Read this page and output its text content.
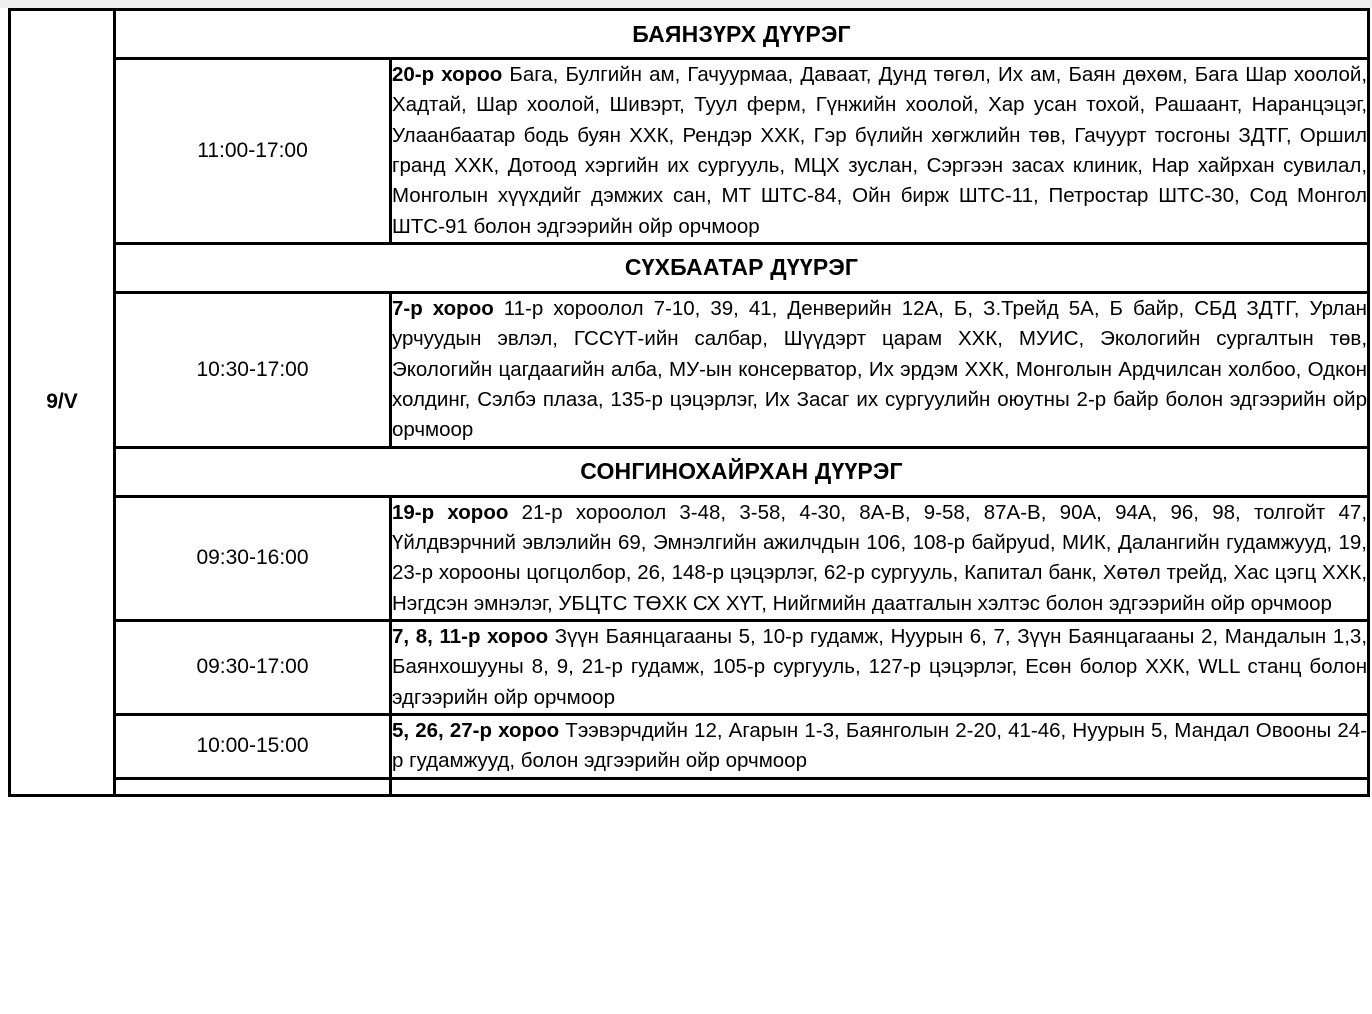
9/V	БАЯНЗҮРХ ДҮҮРЭГ	
	11:00-17:00	20-р хороо Бага, Булгийн ам, Гачуурмаа, Даваат, Дунд төгөл, Их ам, Баян дөхөм, Бага Шар хоолой, Хадтай, Шар хоолой, Шивэрт, Туул ферм, Гүнжийн хоолой, Хар усан тохой, Рашаант, Наранцэцэг, Улаанбаатар бодь буян ХХК, Рендэр ХХК, Гэр бүлийн хөгжлийн төв, Гачуурт тосгоны ЗДТГ, Оршил гранд ХХК, Дотоод хэргийн их сургууль, МЦХ зуслан, Сэргээн засах клиник, Нар хайрхан сувилал, Монголын хүүхдийг дэмжих сан, МТ ШТС-84, Ойн бирж ШТС-11, Петростар ШТС-30, Сод Монгол ШТС-91 болон эдгээрийн ойр орчмоор
	СҮХБААТАР ДҮҮРЭГ	
	10:30-17:00	7-р хороо 11-р хороолол 7-10, 39, 41, Денверийн 12А, Б, З.Трейд 5А, Б байр, СБД ЗДТГ, Урлан урчуудын эвлэл, ГССҮТ-ийн салбар, Шүүдэрт царам ХХК, МУИС, Экологийн сургалтын төв, Экологийн цагдаагийн алба, МУ-ын консерватор, Их эрдэм ХХК, Монголын Ардчилсан холбоо, Одкон холдинг, Сэлбэ плаза, 135-р цэцэрлэг, Их Засаг их сургуулийн оюутны 2-р байр болон эдгээрийн ойр орчмоор
	СОНГИНОХАЙРХАН ДҮҮРЭГ	
	09:30-16:00	19-р хороо 21-р хороолол 3-48, 3-58, 4-30, 8А-В, 9-58, 87А-В, 90А, 94А, 96, 98, толгойт 47, Үйлдвэрчний эвлэлийн 69, Эмнэлгийн ажилчдын 106, 108-р байруud, МИК, Далангийн гудамжууд, 19, 23-р хорооны цогцолбор, 26, 148-р цэцэрлэг, 62-р сургууль, Капитал банк, Хөтөл трейд, Хас цэгц ХХК, Нэгдсэн эмнэлэг, УБЦТС ТӨХК СХ ХҮТ, Нийгмийн даатгалын хэлтэс болон эдгээрийн ойр орчмоор
	09:30-17:00	7, 8, 11-р хороо Зүүн Баянцагааны 5, 10-р гудамж, Нуурын 6, 7, Зүүн Баянцагааны 2, Мандалын 1,3, Баянхошууны 8, 9, 21-р гудамж, 105-р сургууль, 127-р цэцэрлэг, Есөн болор ХХК, WLL станц болон эдгээрийн ойр орчмоор
	10:00-15:00	5, 26, 27-р хороо Тээвэрчдийн 12, Агарын 1-3, Баянголын 2-20, 41-46, Нуурын 5, Мандал Овооны 24-р гудамжууд, болон эдгээрийн ойр орчмоор
